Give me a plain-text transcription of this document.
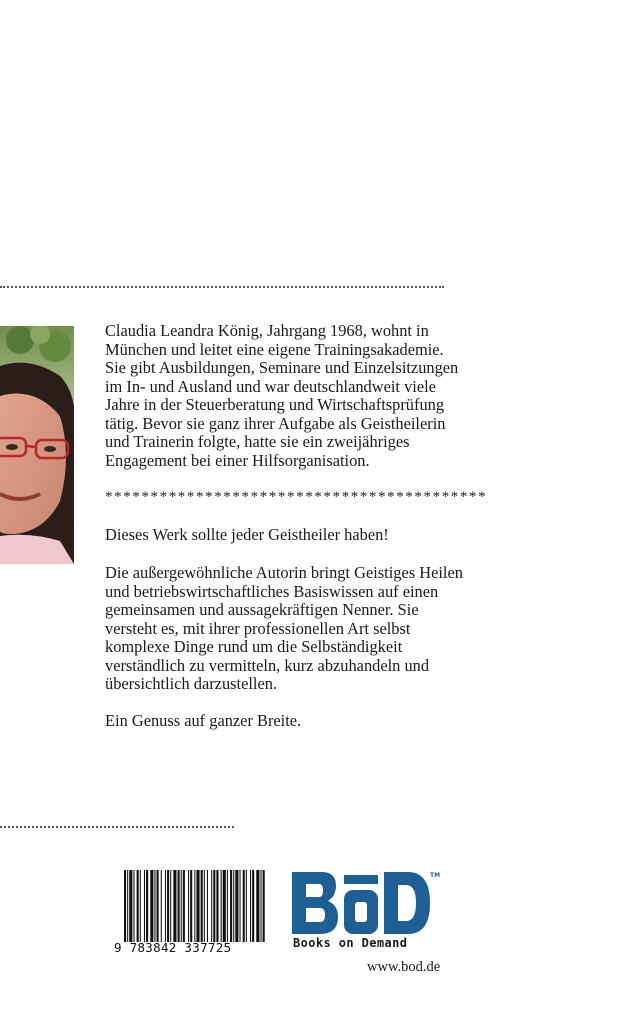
Claudia Leandra König, Jahrgang 1968, wohnt in
München und leitet eine eigene Trainingsakademie.
Sie gibt Ausbildungen, Seminare und Einzelsitzungen
im In- und Ausland und war deutschlandweit viele
Jahre in der Steuerberatung und Wirtschaftsprüfung
tätig. Bevor sie ganz ihrer Aufgabe als Geistheilerin
und Trainerin folgte, hatte sie ein zweijähriges
Engagement bei einer Hilfsorganisation.

******************************************

Dieses Werk sollte jeder Geistheiler haben!

Die außergewöhnliche Autorin bringt Geistiges Heilen
und betriebswirtschaftliches Basiswissen auf einen
gemeinsamen und aussagekräftigen Nenner. Sie
versteht es, mit ihrer professionellen Art selbst
komplexe Dinge rund um die Selbständigkeit
verständlich zu vermitteln, kurz abzuhandeln und
übersichtlich darzustellen.

Ein Genuss auf ganzer Breite.

9 783842 337725
TM
Books on Demand
www.bod.de
